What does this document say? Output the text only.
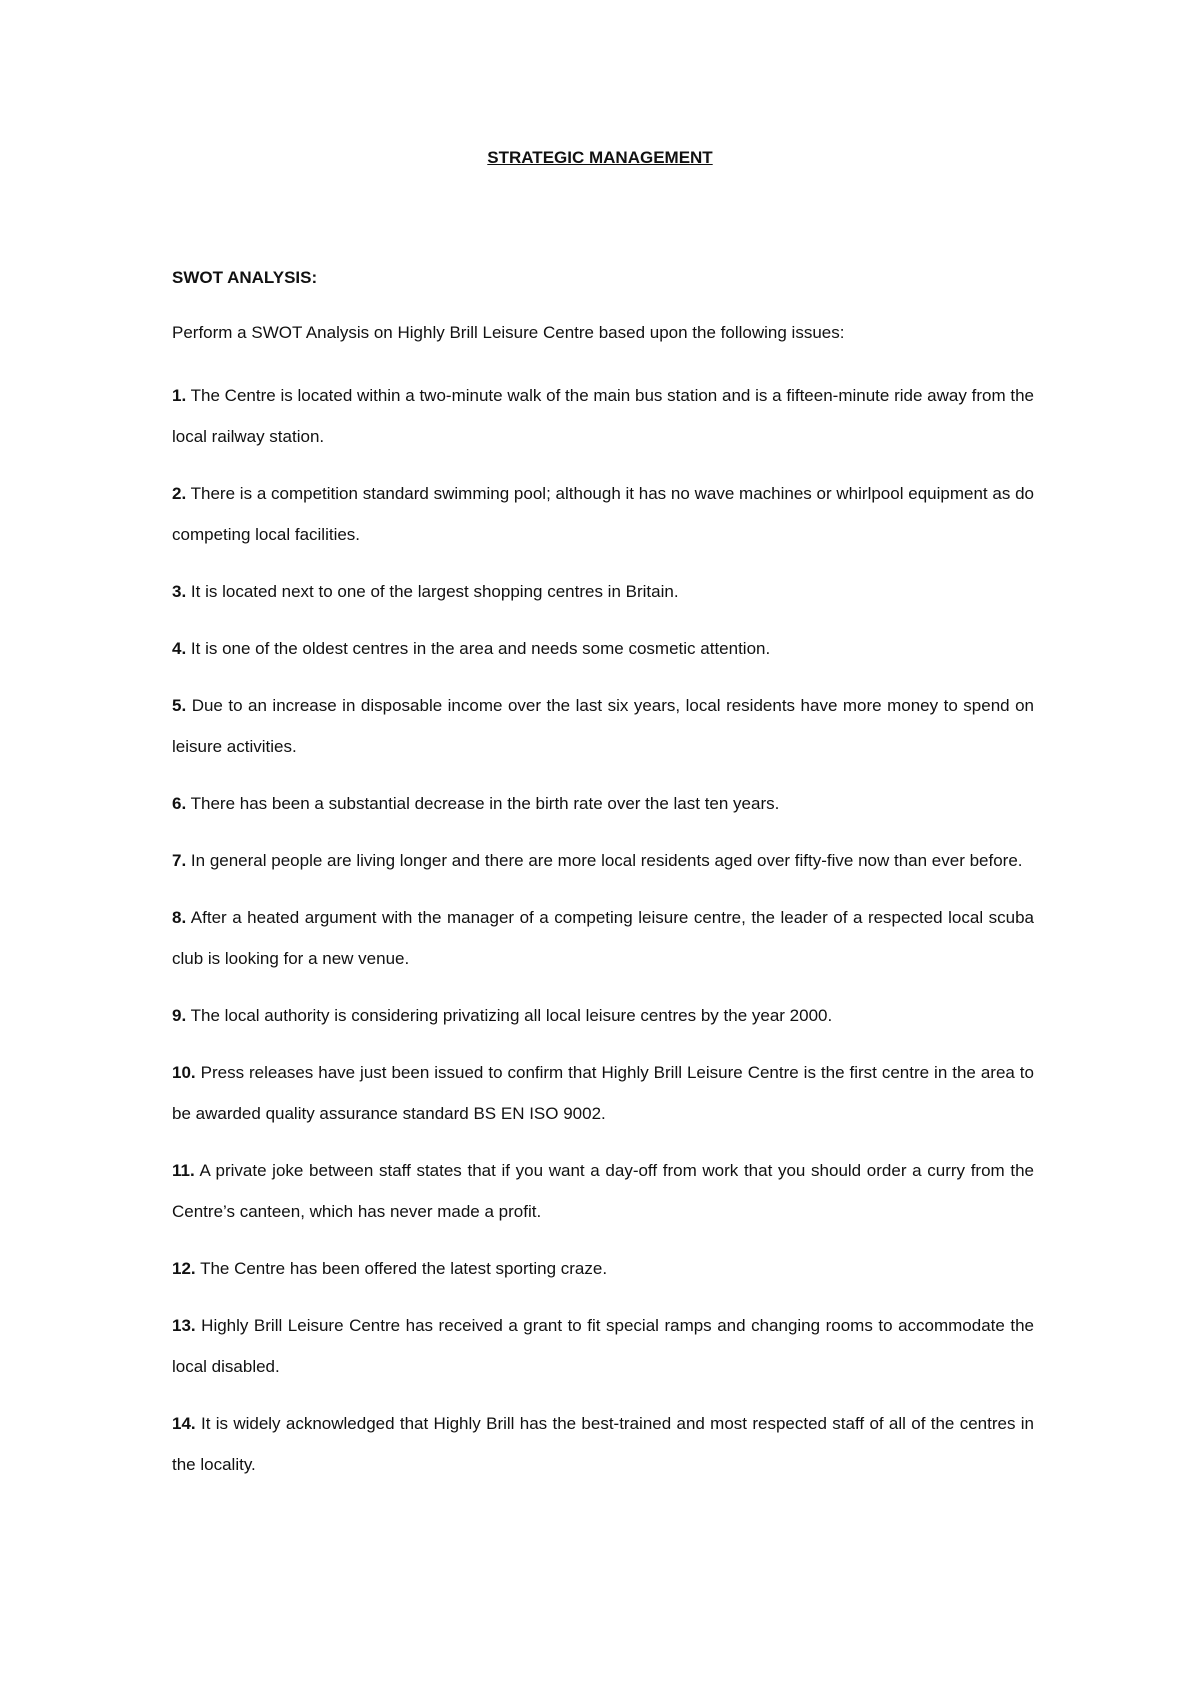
STRATEGIC MANAGEMENT
SWOT ANALYSIS:
Perform a SWOT Analysis on Highly Brill Leisure Centre based upon the following issues:
1. The Centre is located within a two-minute walk of the main bus station and is a fifteen-minute ride away from the local railway station.
2. There is a competition standard swimming pool; although it has no wave machines or whirlpool equipment as do competing local facilities.
3. It is located next to one of the largest shopping centres in Britain.
4. It is one of the oldest centres in the area and needs some cosmetic attention.
5. Due to an increase in disposable income over the last six years, local residents have more money to spend on leisure activities.
6. There has been a substantial decrease in the birth rate over the last ten years.
7. In general people are living longer and there are more local residents aged over fifty-five now than ever before.
8. After a heated argument with the manager of a competing leisure centre, the leader of a respected local scuba club is looking for a new venue.
9. The local authority is considering privatizing all local leisure centres by the year 2000.
10. Press releases have just been issued to confirm that Highly Brill Leisure Centre is the first centre in the area to be awarded quality assurance standard BS EN ISO 9002.
11. A private joke between staff states that if you want a day-off from work that you should order a curry from the Centre’s canteen, which has never made a profit.
12. The Centre has been offered the latest sporting craze.
13. Highly Brill Leisure Centre has received a grant to fit special ramps and changing rooms to accommodate the local disabled.
14. It is widely acknowledged that Highly Brill has the best-trained and most respected staff of all of the centres in the locality.
